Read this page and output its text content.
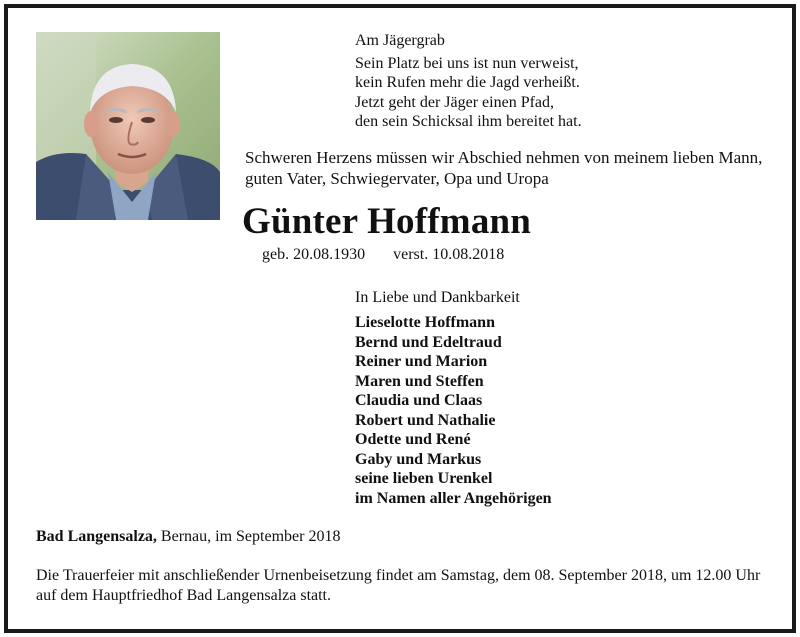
Am Jägergrab
Sein Platz bei uns ist nun verweist,
kein Rufen mehr die Jagd verheißt.
Jetzt geht der Jäger einen Pfad,
den sein Schicksal ihm bereitet hat.
Schweren Herzens müssen wir Abschied nehmen von meinem lieben Mann, guten Vater, Schwiegervater, Opa und Uropa
Günter Hoffmann
geb. 20.08.1930 verst. 10.08.2018
In Liebe und Dankbarkeit
Lieselotte Hoffmann
Bernd und Edeltraud
Reiner und Marion
Maren und Steffen
Claudia und Claas
Robert und Nathalie
Odette und René
Gaby und Markus
seine lieben Urenkel
im Namen aller Angehörigen
Bad Langensalza, Bernau, im September 2018
Die Trauerfeier mit anschließender Urnenbeisetzung findet am Samstag, dem 08. September 2018, um 12.00 Uhr auf dem Hauptfriedhof Bad Langensalza statt.
